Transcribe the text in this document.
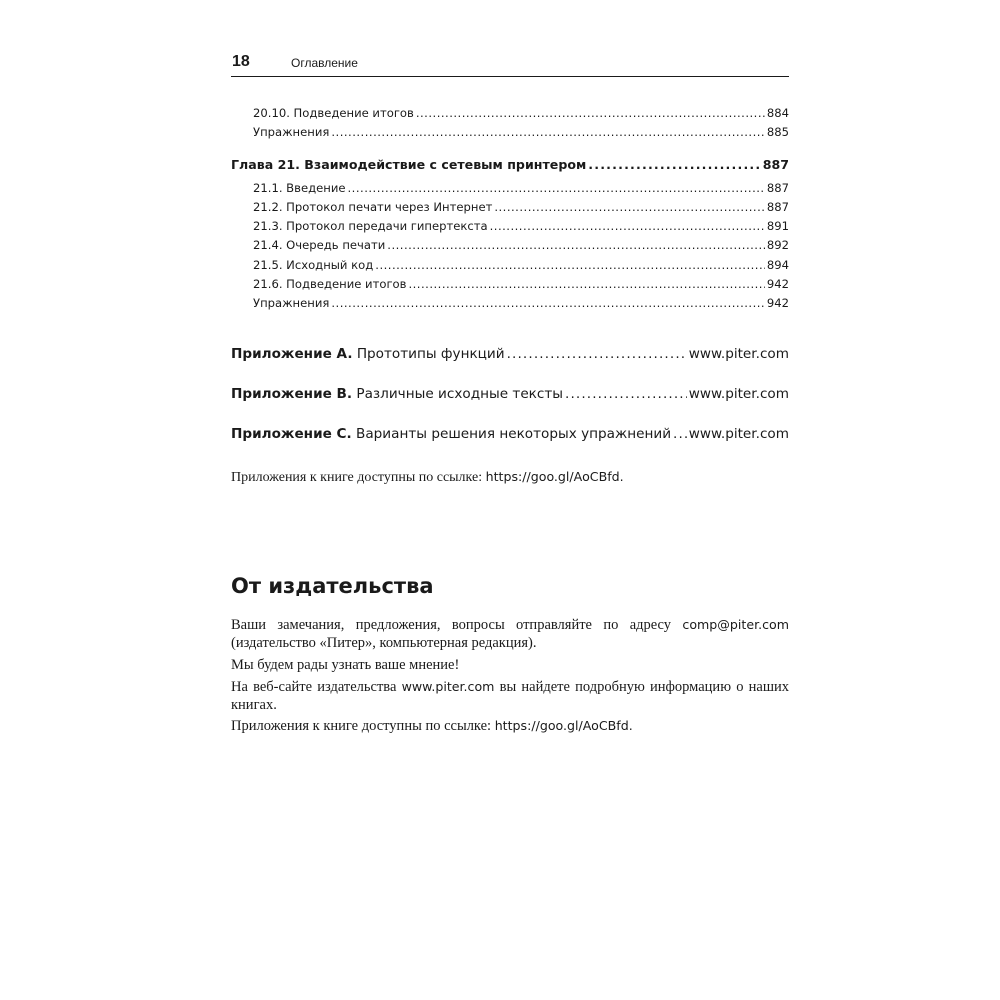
18	Оглавление
20.10. Подведение итогов . . .	884
Упражнения . . .	885
Глава 21. Взаимодействие с сетевым принтером . . .	887
21.1. Введение . . .	887
21.2. Протокол печати через Интернет . . .	887
21.3. Протокол передачи гипертекста . . .	891
21.4. Очередь печати . . .	892
21.5. Исходный код . . .	894
21.6. Подведение итогов . . .	942
Упражнения . . .	942
Приложение A. Прототипы функций . . .	www.piter.com
Приложение B. Различные исходные тексты . . .	www.piter.com
Приложение C. Варианты решения некоторых упражнений . . . www.piter.com
Приложения к книге доступны по ссылке: https://goo.gl/AoCBfd.
От издательства
Ваши замечания, предложения, вопросы отправляйте по адресу comp@piter.com (издательство «Питер», компьютерная редакция).
Мы будем рады узнать ваше мнение!
На веб-сайте издательства www.piter.com вы найдете подробную информацию о наших книгах.
Приложения к книге доступны по ссылке: https://goo.gl/AoCBfd.
